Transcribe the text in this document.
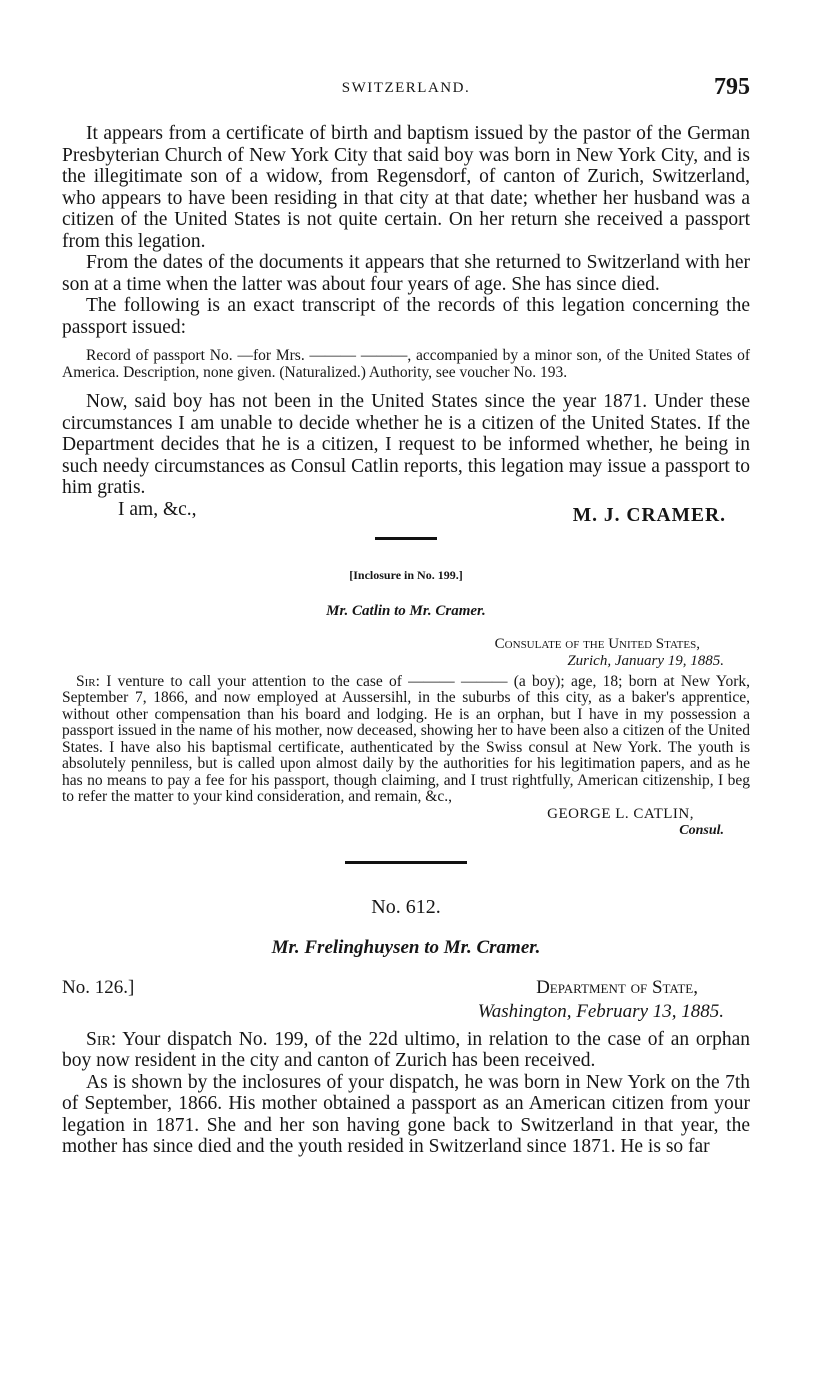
SWITZERLAND.	795

It appears from a certificate of birth and baptism issued by the pastor of the German Presbyterian Church of New York City that said boy was born in New York City, and is the illegitimate son of a widow, from Regensdorf, of canton of Zurich, Switzerland, who appears to have been residing in that city at that date; whether her husband was a citizen of the United States is not quite certain. On her return she received a passport from this legation.

From the dates of the documents it appears that she returned to Switzerland with her son at a time when the latter was about four years of age. She has since died.

The following is an exact transcript of the records of this legation concerning the passport issued:

Record of passport No. —for Mrs. ——— ———, accompanied by a minor son, of the United States of America. Description, none given. (Naturalized.) Authority, see voucher No. 193.

Now, said boy has not been in the United States since the year 1871. Under these circumstances I am unable to decide whether he is a citizen of the United States. If the Department decides that he is a citizen, I request to be informed whether, he being in such needy circumstances as Consul Catlin reports, this legation may issue a passport to him gratis.

I am, &c.,	M. J. CRAMER.
[Inclosure in No. 199.]
Mr. Catlin to Mr. Cramer.
Consulate of the United States,
Zurich, January 19, 1885.

Sir: I venture to call your attention to the case of ——— ——— (a boy); age, 18; born at New York, September 7, 1866, and now employed at Aussersihl, in the suburbs of this city, as a baker's apprentice, without other compensation than his board and lodging. He is an orphan, but I have in my possession a passport issued in the name of his mother, now deceased, showing her to have been also a citizen of the United States. I have also his baptismal certificate, authenticated by the Swiss consul at New York. The youth is absolutely penniless, but is called upon almost daily by the authorities for his legitimation papers, and as he has no means to pay a fee for his passport, though claiming, and I trust rightfully, American citizenship, I beg to refer the matter to your kind consideration, and remain, &c.,

GEORGE L. CATLIN,
Consul.
No. 612.
Mr. Frelinghuysen to Mr. Cramer.
No. 126.]	Department of State,
Washington, February 13, 1885.

Sir: Your dispatch No. 199, of the 22d ultimo, in relation to the case of an orphan boy now resident in the city and canton of Zurich has been received.

As is shown by the inclosures of your dispatch, he was born in New York on the 7th of September, 1866. His mother obtained a passport as an American citizen from your legation in 1871. She and her son having gone back to Switzerland in that year, the mother has since died and the youth resided in Switzerland since 1871. He is so far
